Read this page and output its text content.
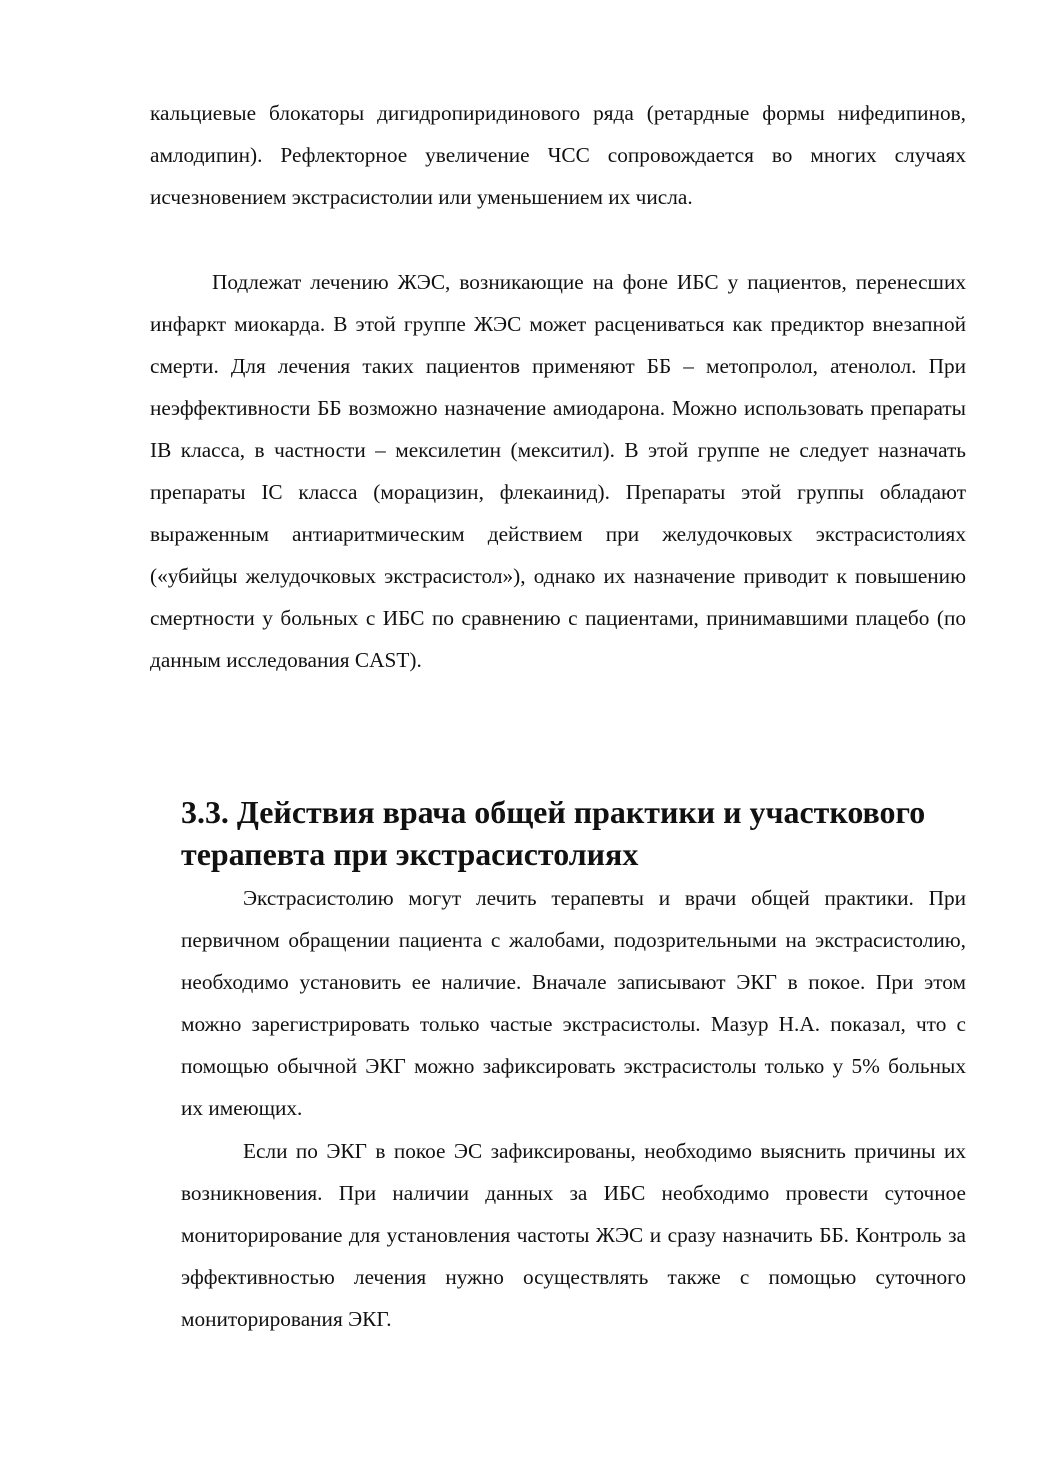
кальциевые блокаторы дигидропиридинового ряда (ретардные формы нифедипинов, амлодипин). Рефлекторное увеличение ЧСС сопровождается во многих случаях исчезновением экстрасистолии или уменьшением их числа.

Подлежат лечению ЖЭС, возникающие на фоне ИБС у пациентов, перенесших инфаркт миокарда. В этой группе ЖЭС может расцениваться как предиктор внезапной смерти. Для лечения таких пациентов применяют ББ – метопролол, атенолол. При неэффективности ББ возможно назначение амиодарона. Можно использовать препараты IB класса, в частности – мексилетин (мекситил). В этой группе не следует назначать препараты IC класса (морацизин, флекаинид). Препараты этой группы обладают выраженным антиаритмическим действием при желудочковых экстрасистолиях («убийцы желудочковых экстрасистол»), однако их назначение приводит к повышению смертности у больных с ИБС по сравнению с пациентами, принимавшими плацебо (по данным исследования CAST).

3.3. Действия врача общей практики и участкового терапевта при экстрасистолиях

Экстрасистолию могут лечить терапевты и врачи общей практики. При первичном обращении пациента с жалобами, подозрительными на экстрасистолию, необходимо установить ее наличие. Вначале записывают ЭКГ в покое. При этом можно зарегистрировать только частые экстрасистолы. Мазур Н.А. показал, что с помощью обычной ЭКГ можно зафиксировать экстрасистолы только у 5% больных их имеющих.

Если по ЭКГ в покое ЭС зафиксированы, необходимо выяснить причины их возникновения. При наличии данных за ИБС необходимо провести суточное мониторирование для установления частоты ЖЭС и сразу назначить ББ. Контроль за эффективностью лечения нужно осуществлять также с помощью суточного мониторирования ЭКГ.
